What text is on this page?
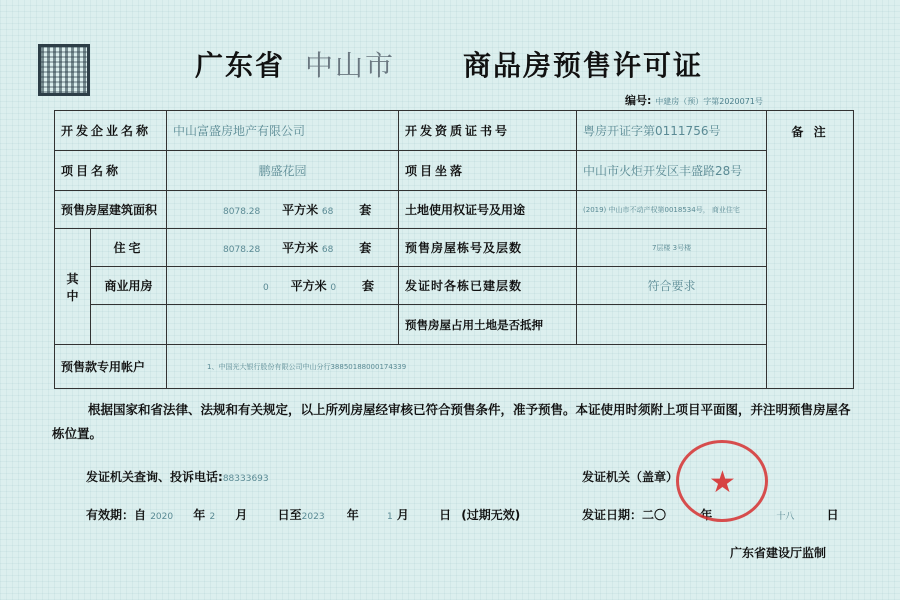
广东省 中山市 商品房预售许可证
编号: 中建房（预）字第2020071号
开发企业名称		中山富盛房地产有限公司	开发资质证书号	粤房开证字第0111756号	备 注
项目名称		鹏盛花园	项目坐落	中山市火炬开发区丰盛路28号	
预售房屋建筑面积		8078.28 平方米 68 套	土地使用权证号及用途	(2019) 中山市不动产权第0018534号， 商业住宅	
其中	住宅	8078.28 平方米 68 套	预售房屋栋号及层数	7层楼 3号楼	
	商业用房	0 平方米 0 套	发证时各栋已建层数	符合要求	
			预售房屋占用土地是否抵押		
预售款专用帐户		1、中国光大银行股份有限公司中山分行38850188000174339			
根据国家和省法律、法规和有关规定，以上所列房屋经审核已符合预售条件，准予预售。本证使用时须附上项目平面图，并注明预售房屋各栋位置。
发证机关查询、投诉电话:88333693	发证机关（盖章）
有效期：自 2020 年 2 月	日至2023 年	1 月	日 (过期无效)	发证日期：二〇	年	十八	日
★
广东省建设厅监制
